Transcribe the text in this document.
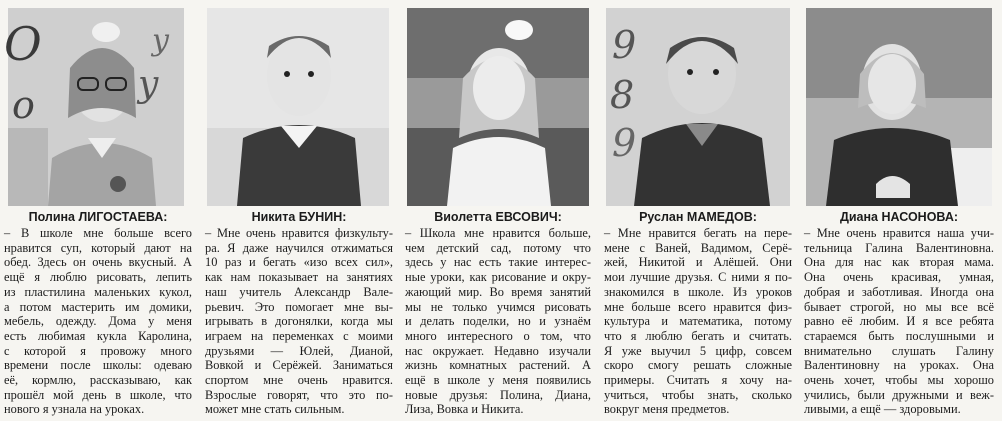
O
o	y
y
Полина ЛИГОСТАЕВА:
– В школе мне больше всего
нравится суп, который дают на
обед. Здесь он очень вкусный. А
ещё я люблю рисовать, лепить
из пластилина маленьких кукол,
а потом мастерить им домики,
мебель, одежду. Дома у меня
есть любимая кукла Каролина,
с которой я провожу много
времени после школы: одеваю
её, кормлю, рассказываю, как
прошёл мой день в школе, что
нового я узнала на уроках.
Никита БУНИН:
– Мне очень нравится физкульту-
ра. Я даже научился отжиматься
10 раз и бегать «изо всех сил»,
как нам показывает на занятиях
наш учитель Александр Вале-
рьевич. Это помогает мне вы-
игрывать в догонялки, когда мы
играем на переменках с моими
друзьями — Юлей, Дианой,
Вовкой и Серёжей. Заниматься
спортом мне очень нравится.
Взрослые говорят, что это по-
может мне стать сильным.
Виолетта ЕВСОВИЧ:
– Школа мне нравится больше,
чем детский сад, потому что
здесь у нас есть такие интерес-
ные уроки, как рисование и окру-
жающий мир. Во время занятий
мы не только учимся рисовать
и делать поделки, но и узнаём
много интересного о том, что
нас окружает. Недавно изучали
жизнь комнатных растений. А
ещё в школе у меня появились
новые друзья: Полина, Диана,
Лиза, Вовка и Никита.
9
8
9
Руслан МАМЕДОВ:
– Мне нравится бегать на пере-
мене с Ваней, Вадимом, Серё-
жей, Никитой и Алёшей. Они
мои лучшие друзья. С ними я по-
знакомился в школе. Из уроков
мне больше всего нравится физ-
культура и математика, потому
что я люблю бегать и считать.
Я уже выучил 5 цифр, совсем
скоро смогу решать сложные
примеры. Считать я хочу на-
учиться, чтобы знать, сколько
вокруг меня предметов.
Диана НАСОНОВА:
– Мне очень нравится наша учи-
тельница Галина Валентиновна.
Она для нас как вторая мама.
Она очень красивая, умная,
добрая и заботливая. Иногда она
бывает строгой, но мы все всё
равно её любим. И я все ребята
стараемся быть послушными и
внимательно слушать Галину
Валентиновну на уроках. Она
очень хочет, чтобы мы хорошо
учились, были дружными и веж-
ливыми, а ещё — здоровыми.
